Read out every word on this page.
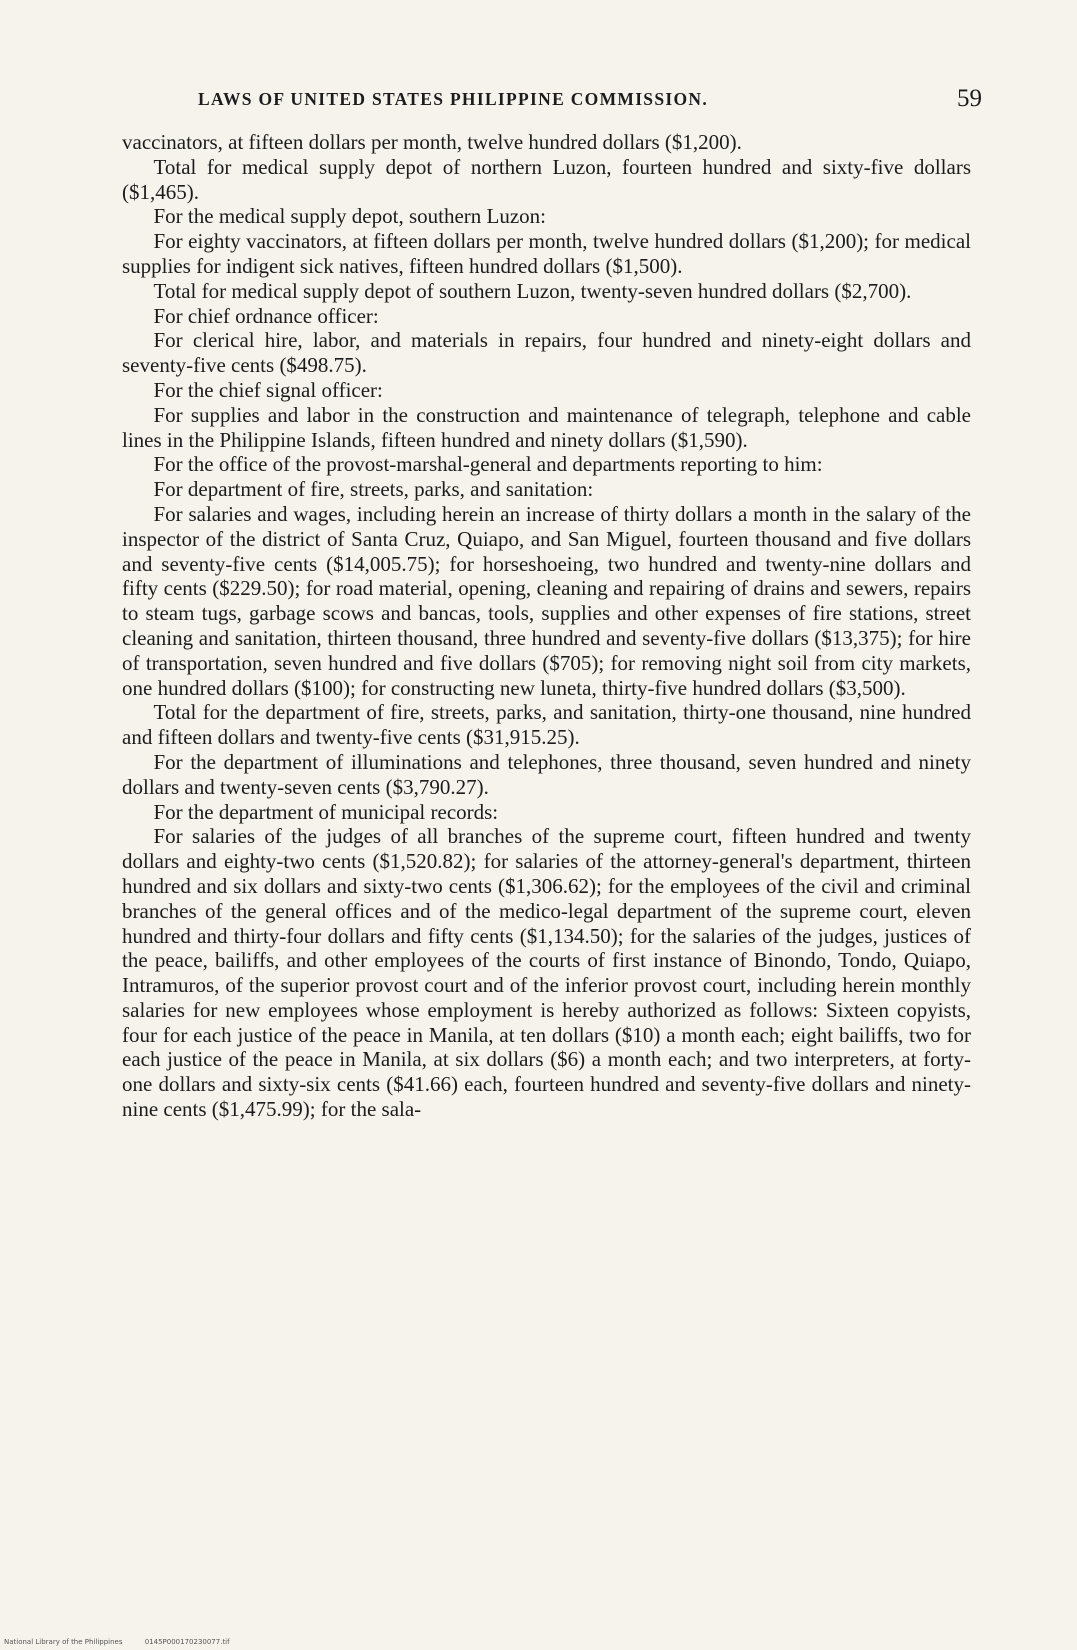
LAWS OF UNITED STATES PHILIPPINE COMMISSION.	59

vaccinators, at fifteen dollars per month, twelve hundred dollars ($1,200).

Total for medical supply depot of northern Luzon, fourteen hundred and sixty-five dollars ($1,465).

For the medical supply depot, southern Luzon:

For eighty vaccinators, at fifteen dollars per month, twelve hundred dollars ($1,200); for medical supplies for indigent sick natives, fifteen hundred dollars ($1,500).

Total for medical supply depot of southern Luzon, twenty-seven hundred dollars ($2,700).

For chief ordnance officer:

For clerical hire, labor, and materials in repairs, four hundred and ninety-eight dollars and seventy-five cents ($498.75).

For the chief signal officer:

For supplies and labor in the construction and maintenance of telegraph, telephone and cable lines in the Philippine Islands, fifteen hundred and ninety dollars ($1,590).

For the office of the provost-marshal-general and departments reporting to him:

For department of fire, streets, parks, and sanitation:

For salaries and wages, including herein an increase of thirty dollars a month in the salary of the inspector of the district of Santa Cruz, Quiapo, and San Miguel, fourteen thousand and five dollars and seventy-five cents ($14,005.75); for horseshoeing, two hundred and twenty-nine dollars and fifty cents ($229.50); for road material, opening, cleaning and repairing of drains and sewers, repairs to steam tugs, garbage scows and bancas, tools, supplies and other expenses of fire stations, street cleaning and sanitation, thirteen thousand, three hundred and seventy-five dollars ($13,375); for hire of transportation, seven hundred and five dollars ($705); for removing night soil from city markets, one hundred dollars ($100); for constructing new luneta, thirty-five hundred dollars ($3,500).

Total for the department of fire, streets, parks, and sanitation, thirty-one thousand, nine hundred and fifteen dollars and twenty-five cents ($31,915.25).

For the department of illuminations and telephones, three thousand, seven hundred and ninety dollars and twenty-seven cents ($3,790.27).

For the department of municipal records:

For salaries of the judges of all branches of the supreme court, fifteen hundred and twenty dollars and eighty-two cents ($1,520.82); for salaries of the attorney-general's department, thirteen hundred and six dollars and sixty-two cents ($1,306.62); for the employees of the civil and criminal branches of the general offices and of the medico-legal department of the supreme court, eleven hundred and thirty-four dollars and fifty cents ($1,134.50); for the salaries of the judges, justices of the peace, bailiffs, and other employees of the courts of first instance of Binondo, Tondo, Quiapo, Intramuros, of the superior provost court and of the inferior provost court, including herein monthly salaries for new employees whose employment is hereby authorized as follows: Sixteen copyists, four for each justice of the peace in Manila, at ten dollars ($10) a month each; eight bailiffs, two for each justice of the peace in Manila, at six dollars ($6) a month each; and two interpreters, at forty-one dollars and sixty-six cents ($41.66) each, fourteen hundred and seventy-five dollars and ninety-nine cents ($1,475.99); for the sala-

National Library of the Philippines	0145P000170230077.tif
